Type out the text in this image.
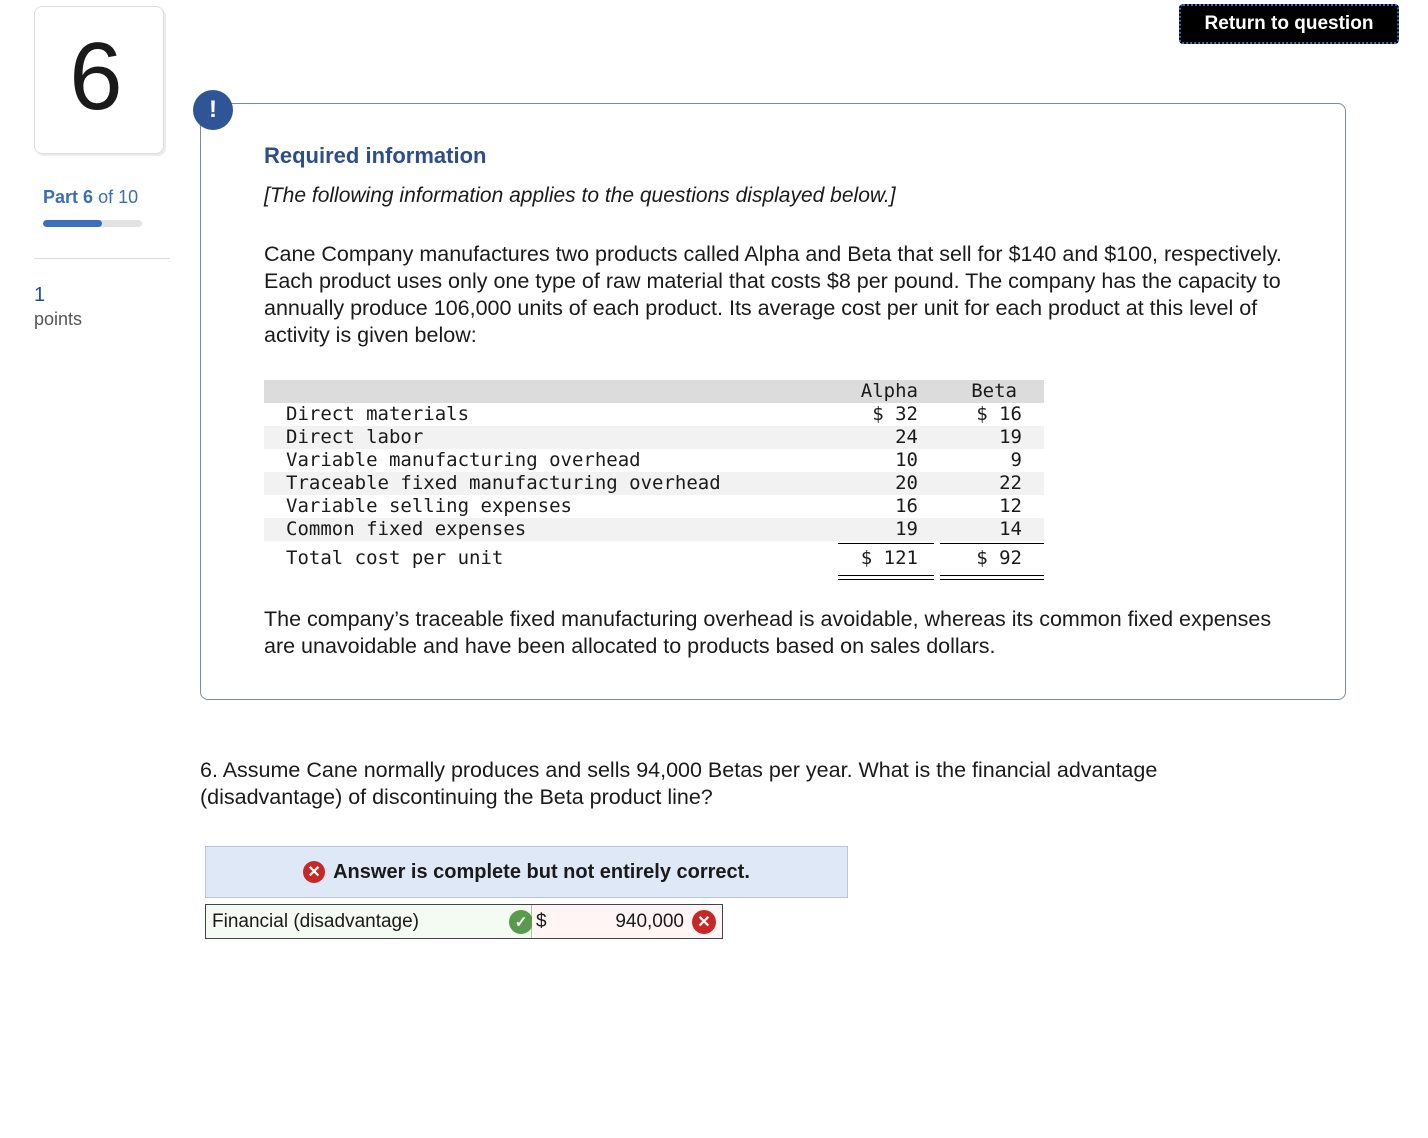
6
Part 6 of 10
1
points
Return to question
!
Required information
[The following information applies to the questions displayed below.]
Cane Company manufactures two products called Alpha and Beta that sell for $140 and $100, respectively. Each product uses only one type of raw material that costs $8 per pound. The company has the capacity to annually produce 106,000 units of each product. Its average cost per unit for each product at this level of activity is given below:
Alpha	Beta
Direct materials	$ 32	$ 16
Direct labor	24	19
Variable manufacturing overhead	10	9
Traceable fixed manufacturing overhead	20	22
Variable selling expenses	16	12
Common fixed expenses	19	14
Total cost per unit	$ 121	$ 92
The company’s traceable fixed manufacturing overhead is avoidable, whereas its common fixed expenses are unavoidable and have been allocated to products based on sales dollars.
6. Assume Cane normally produces and sells 94,000 Betas per year. What is the financial advantage (disadvantage) of discontinuing the Beta product line?
✕ Answer is complete but not entirely correct.
Financial (disadvantage)	✓ $	940,000 ✕
